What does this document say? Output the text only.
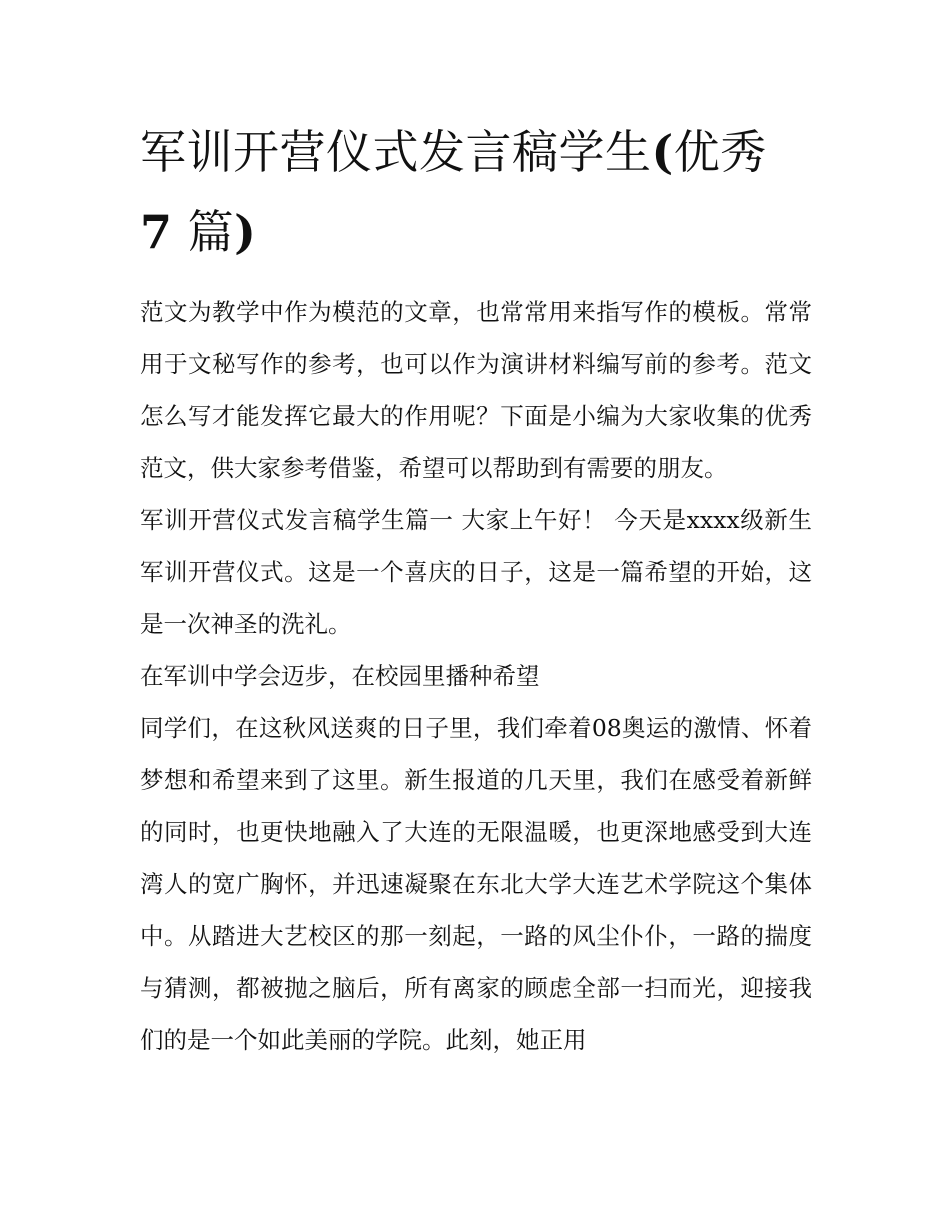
军训开营仪式发言稿学生(优秀
7 篇)

范文为教学中作为模范的文章，也常常用来指写作的模板。常常用于文秘写作的参考，也可以作为演讲材料编写前的参考。范文怎么写才能发挥它最大的作用呢？下面是小编为大家收集的优秀范文，供大家参考借鉴，希望可以帮助到有需要的朋友。

军训开营仪式发言稿学生篇一 大家上午好！ 今天是xxxx级新生军训开营仪式。这是一个喜庆的日子，这是一篇希望的开始，这是一次神圣的洗礼。

在军训中学会迈步，在校园里播种希望

同学们，在这秋风送爽的日子里，我们牵着08奥运的激情、怀着梦想和希望来到了这里。新生报道的几天里，我们在感受着新鲜的同时，也更快地融入了大连的无限温暖，也更深地感受到大连湾人的宽广胸怀，并迅速凝聚在东北大学大连艺术学院这个集体中。从踏进大艺校区的那一刻起，一路的风尘仆仆，一路的揣度与猜测，都被抛之脑后，所有离家的顾虑全部一扫而光，迎接我们的是一个如此美丽的学院。此刻，她正用
